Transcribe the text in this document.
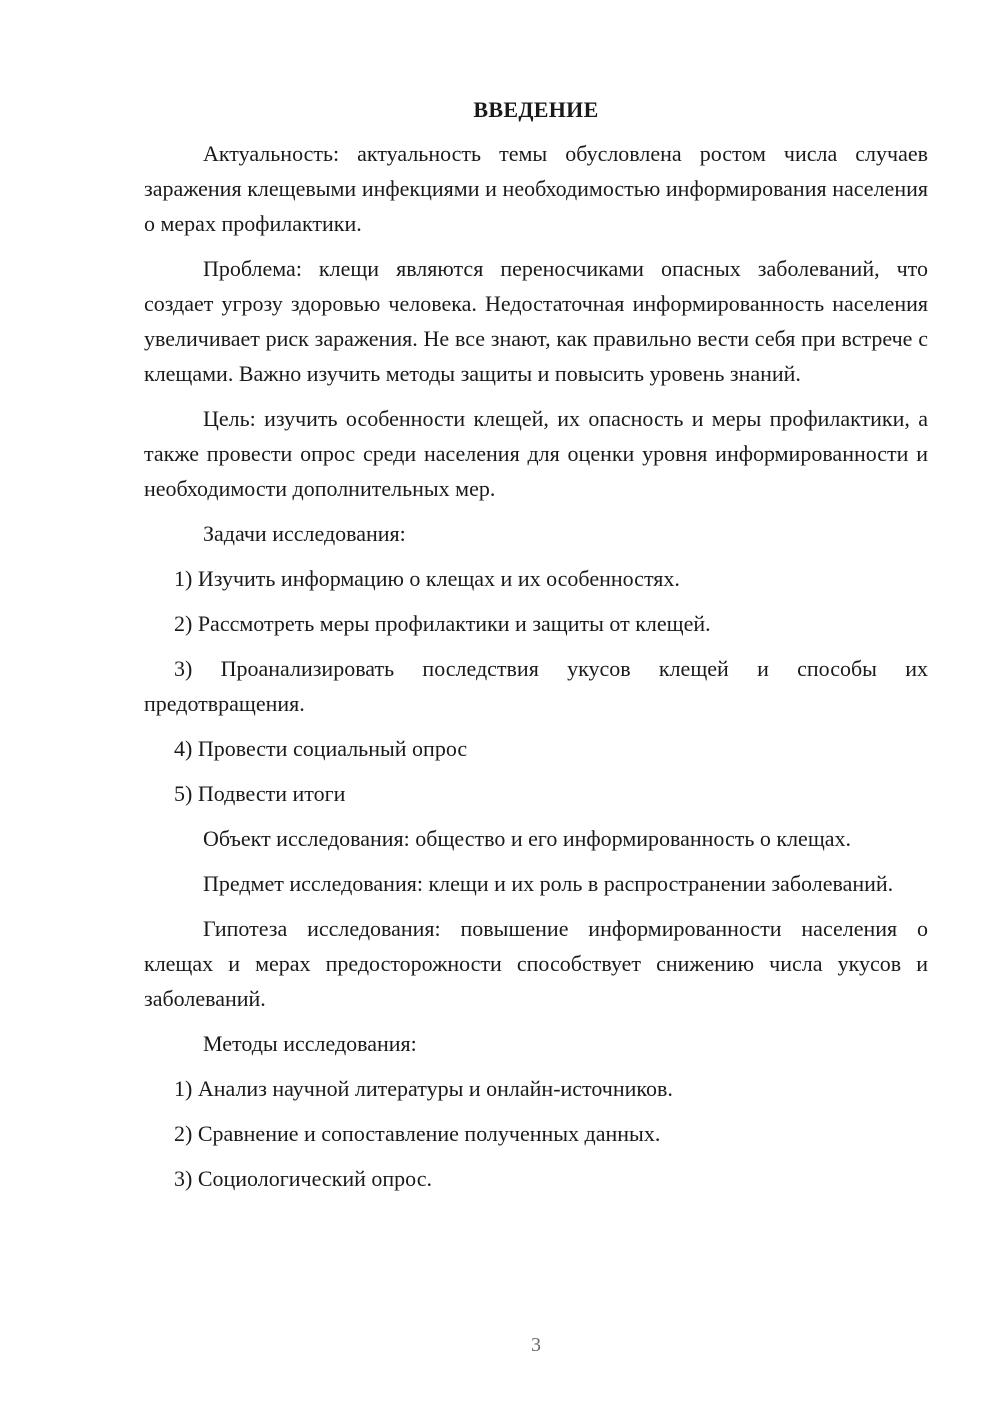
ВВЕДЕНИЕ

Актуальность: актуальность темы обусловлена ростом числа случаев заражения клещевыми инфекциями и необходимостью информирования населения о мерах профилактики.

Проблема: клещи являются переносчиками опасных заболеваний, что создает угрозу здоровью человека. Недостаточная информированность населения увеличивает риск заражения. Не все знают, как правильно вести себя при встрече с клещами. Важно изучить методы защиты и повысить уровень знаний.

Цель: изучить особенности клещей, их опасность и меры профилактики, а также провести опрос среди населения для оценки уровня информированности и необходимости дополнительных мер.

Задачи исследования:

1) Изучить информацию о клещах и их особенностях.

2) Рассмотреть меры профилактики и защиты от клещей.

3) Проанализировать последствия укусов клещей и способы их предотвращения.

4) Провести социальный опрос

5) Подвести итоги

Объект исследования: общество и его информированность о клещах.

Предмет исследования: клещи и их роль в распространении заболеваний.

Гипотеза исследования: повышение информированности населения о клещах и мерах предосторожности способствует снижению числа укусов и заболеваний.

Методы исследования:

1) Анализ научной литературы и онлайн-источников.

2) Сравнение и сопоставление полученных данных.

3) Социологический опрос.

3
